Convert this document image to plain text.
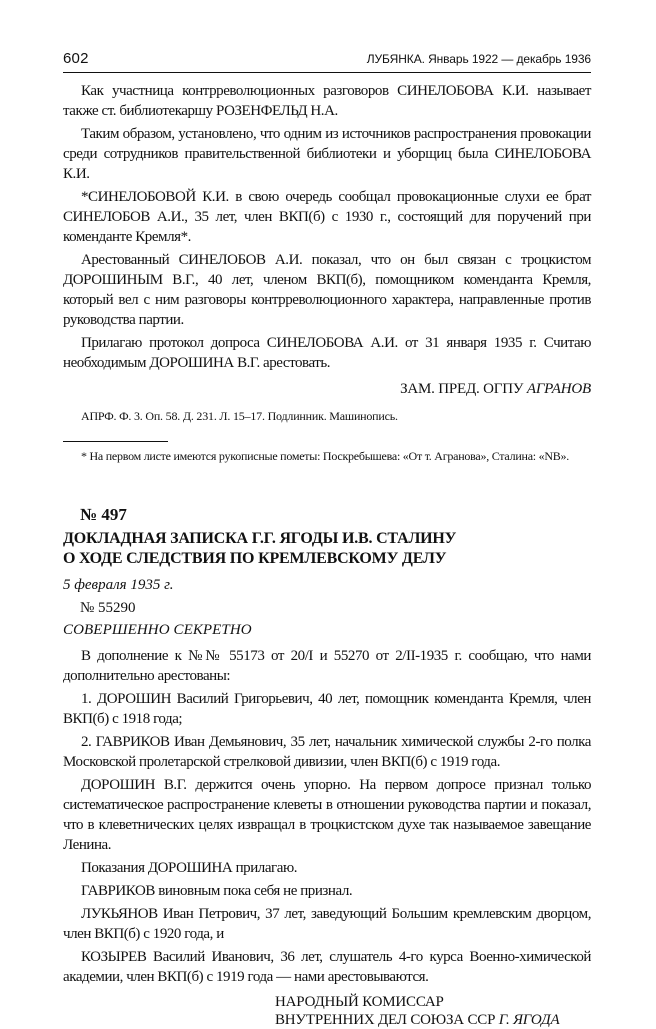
602	ЛУБЯНКА. Январь 1922 — декабрь 1936

Как участница контрреволюционных разговоров СИНЕЛОБОВА К.И. называет также ст. библиотекаршу РОЗЕНФЕЛЬД Н.А.

Таким образом, установлено, что одним из источников распространения провокации среди сотрудников правительственной библиотеки и уборщиц была СИНЕЛОБОВА К.И.

*СИНЕЛОБОВОЙ К.И. в свою очередь сообщал провокационные слухи ее брат СИНЕЛОБОВ А.И., 35 лет, член ВКП(б) с 1930 г., состоящий для поручений при коменданте Кремля*.

Арестованный СИНЕЛОБОВ А.И. показал, что он был связан с троцкистом ДОРОШИНЫМ В.Г., 40 лет, членом ВКП(б), помощником коменданта Кремля, который вел с ним разговоры контрреволюционного характера, направленные против руководства партии.

Прилагаю протокол допроса СИНЕЛОБОВА А.И. от 31 января 1935 г. Считаю необходимым ДОРОШИНА В.Г. арестовать.

ЗАМ. ПРЕД. ОГПУ АГРАНОВ
АПРФ. Ф. 3. Оп. 58. Д. 231. Л. 15–17. Подлинник. Машинопись.
* На первом листе имеются рукописные пометы: Поскребышева: «От т. Агранова», Сталина: «NB».
№ 497
ДОКЛАДНАЯ ЗАПИСКА Г.Г. ЯГОДЫ И.В. СТАЛИНУ
О ХОДЕ СЛЕДСТВИЯ ПО КРЕМЛЕВСКОМУ ДЕЛУ
5 февраля 1935 г.
№ 55290
СОВЕРШЕННО СЕКРЕТНО

В дополнение к №№ 55173 от 20/I и 55270 от 2/II-1935 г. сообщаю, что нами дополнительно арестованы:

1. ДОРОШИН Василий Григорьевич, 40 лет, помощник коменданта Кремля, член ВКП(б) с 1918 года;

2. ГАВРИКОВ Иван Демьянович, 35 лет, начальник химической службы 2-го полка Московской пролетарской стрелковой дивизии, член ВКП(б) с 1919 года.

ДОРОШИН В.Г. держится очень упорно. На первом допросе признал только систематическое распространение клеветы в отношении руководства партии и показал, что в клеветнических целях извращал в троцкистском духе так называемое завещание Ленина.

Показания ДОРОШИНА прилагаю.

ГАВРИКОВ виновным пока себя не признал.

ЛУКЬЯНОВ Иван Петрович, 37 лет, заведующий Большим кремлевским дворцом, член ВКП(б) с 1920 года, и

КОЗЫРЕВ Василий Иванович, 36 лет, слушатель 4-го курса Военно-химической академии, член ВКП(б) с 1919 года — нами арестовываются.

НАРОДНЫЙ КОМИССАР
ВНУТРЕННИХ ДЕЛ СОЮЗА ССР Г. ЯГОДА
